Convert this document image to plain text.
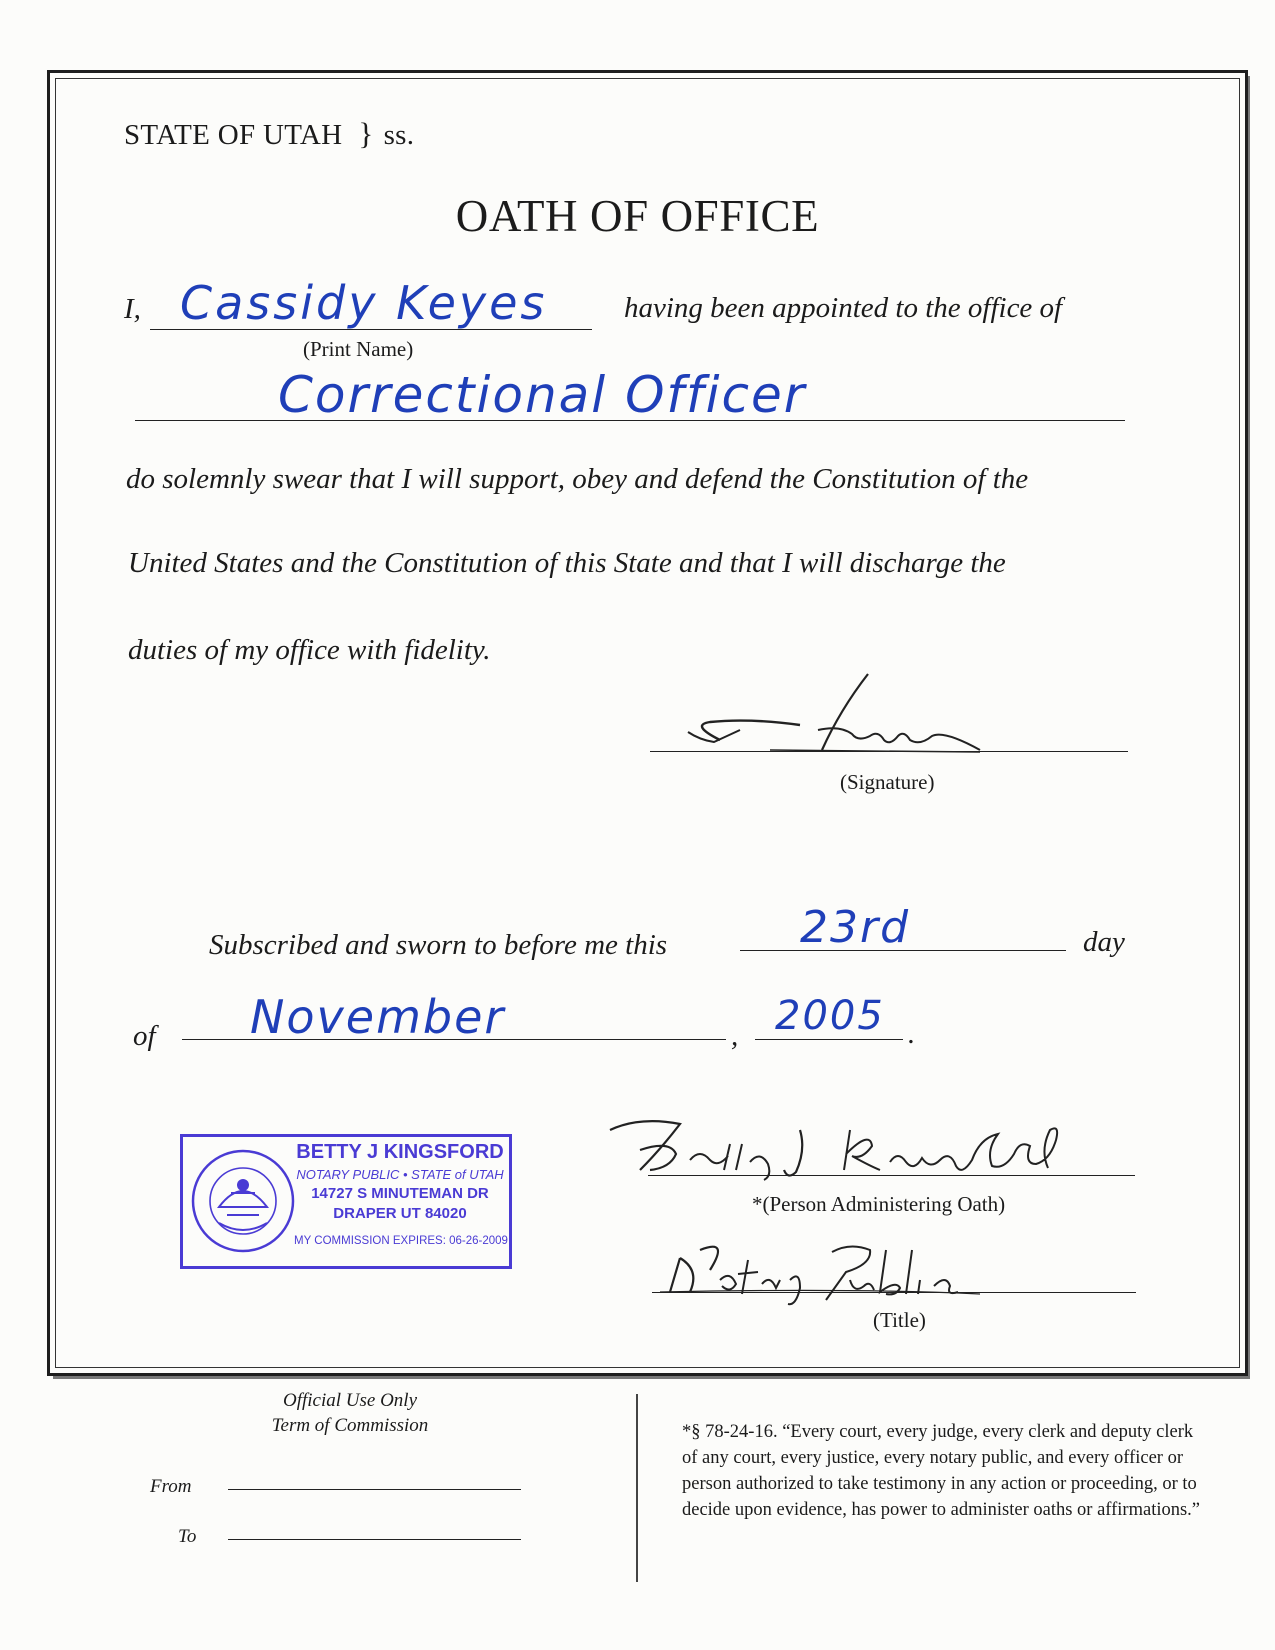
STATE OF UTAH } ss.
OATH OF OFFICE
I, Cassidy Keyes
(Print Name)
having been appointed to the office of
Correctional Officer
do solemnly swear that I will support, obey and defend the Constitution of the
United States and the Constitution of this State and that I will discharge the
duties of my office with fidelity.
(Signature)
Subscribed and sworn to before me this	23rd	day
of November	, 2005 .
BETTY J KINGSFORD
NOTARY PUBLIC • STATE of UTAH
14727 S MINUTEMAN DR
DRAPER UT 84020
MY COMMISSION EXPIRES: 06-26-2009
*(Person Administering Oath)
(Title)
Official Use Only
Term of Commission
From
To
*§ 78-24-16. “Every court, every judge, every clerk and deputy clerk of any court, every justice, every notary public, and every officer or person authorized to take testimony in any action or proceeding, or to decide upon evidence, has power to administer oaths or affirmations.”
